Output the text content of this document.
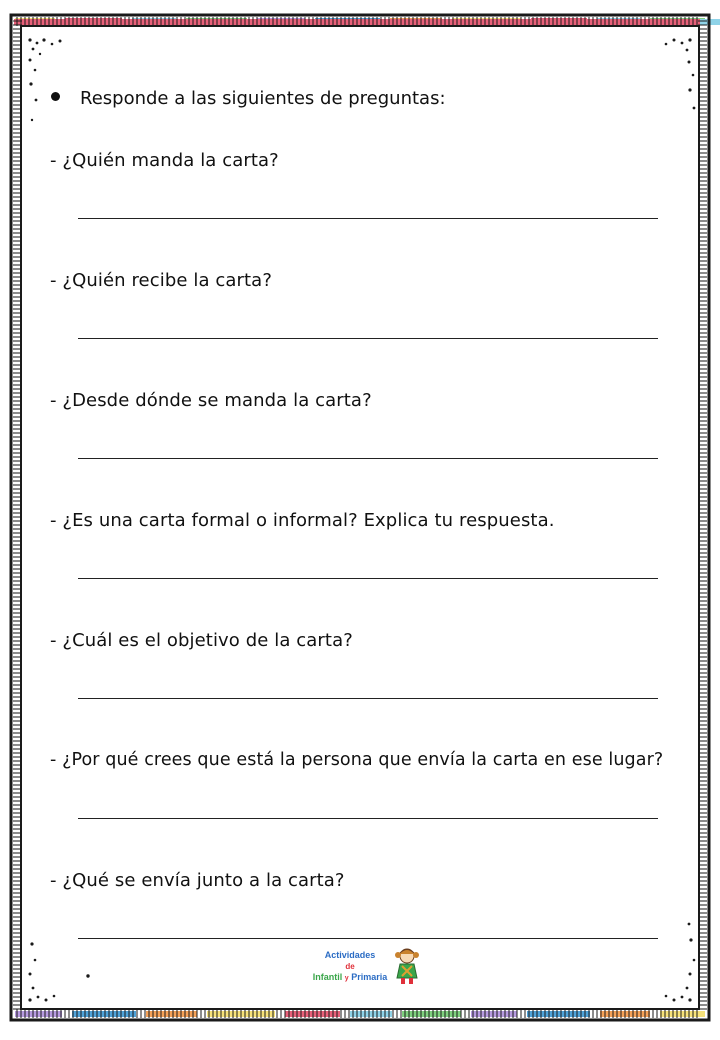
Responde a las siguientes de preguntas:
- ¿Quién manda la carta?
- ¿Quién recibe la carta?
- ¿Desde dónde se manda la carta?
- ¿Es una carta formal o informal? Explica tu respuesta.
- ¿Cuál es el objetivo de la carta?
- ¿Por qué crees que está la persona que envía la carta en ese lugar?
- ¿Qué se envía junto a la carta?
Actividades
de
Infantil y Primaria
